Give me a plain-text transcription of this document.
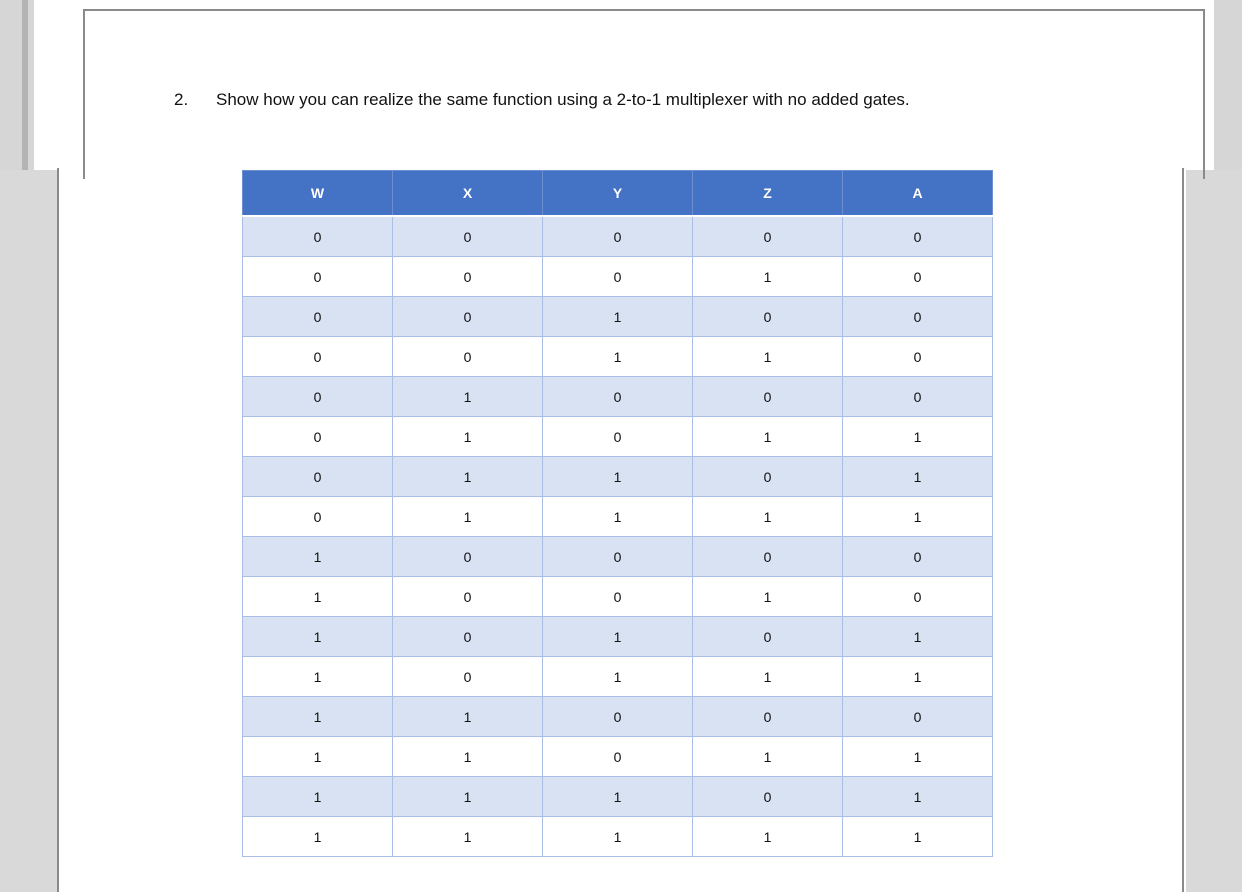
2. Show how you can realize the same function using a 2-to-1 multiplexer with no added gates.
W	X	Y	Z	A
0	0	0	0	0
0	0	0	1	0
0	0	1	0	0
0	0	1	1	0
0	1	0	0	0
0	1	0	1	1
0	1	1	0	1
0	1	1	1	1
1	0	0	0	0
1	0	0	1	0
1	0	1	0	1
1	0	1	1	1
1	1	0	0	0
1	1	0	1	1
1	1	1	0	1
1	1	1	1	1
